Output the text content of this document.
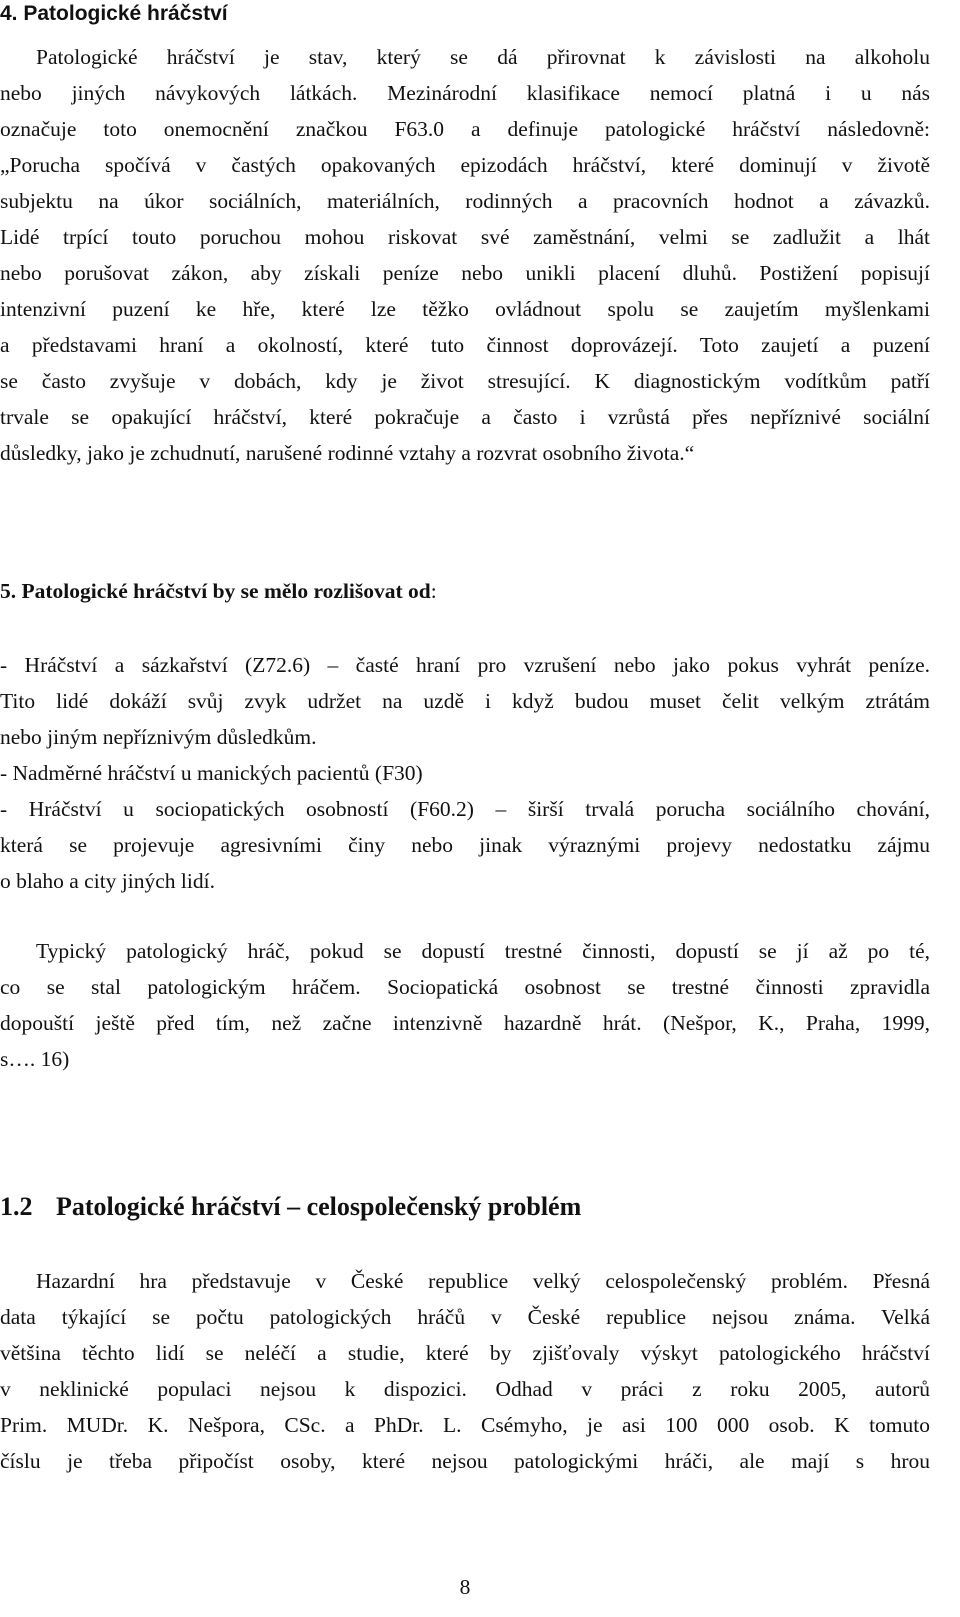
4. Patologické hráčství
Patologické hráčství je stav, který se dá přirovnat k závislosti na alkoholu
nebo jiných návykových látkách. Mezinárodní klasifikace nemocí platná i u nás
označuje toto onemocnění značkou F63.0 a definuje patologické hráčství následovně:
„Porucha spočívá v častých opakovaných epizodách hráčství, které dominují v životě
subjektu na úkor sociálních, materiálních, rodinných a pracovních hodnot a závazků.
Lidé trpící touto poruchou mohou riskovat své zaměstnání, velmi se zadlužit a lhát
nebo porušovat zákon, aby získali peníze nebo unikli placení dluhů. Postižení popisují
intenzivní puzení ke hře, které lze těžko ovládnout spolu se zaujetím myšlenkami
a představami hraní a okolností, které tuto činnost doprovázejí. Toto zaujetí a puzení
se často zvyšuje v dobách, kdy je život stresující. K diagnostickým vodítkům patří
trvale se opakující hráčství, které pokračuje a často i vzrůstá přes nepříznivé sociální
důsledky, jako je zchudnutí, narušené rodinné vztahy a rozvrat osobního života.“
5. Patologické hráčství by se mělo rozlišovat od:
- Hráčství a sázkařství (Z72.6) – časté hraní pro vzrušení nebo jako pokus vyhrát peníze.
Tito lidé dokáží svůj zvyk udržet na uzdě i když budou muset čelit velkým ztrátám
nebo jiným nepříznivým důsledkům.
- Nadměrné hráčství u manických pacientů (F30)
- Hráčství u sociopatických osobností (F60.2) – širší trvalá porucha sociálního chování,
která se projevuje agresivními činy nebo jinak výraznými projevy nedostatku zájmu
o blaho a city jiných lidí.
Typický patologický hráč, pokud se dopustí trestné činnosti, dopustí se jí až po té,
co se stal patologickým hráčem. Sociopatická osobnost se trestné činnosti zpravidla
dopouští ještě před tím, než začne intenzivně hazardně hrát. (Nešpor, K., Praha, 1999,
s…. 16)
1.2 Patologické hráčství – celospolečenský problém
Hazardní hra představuje v České republice velký celospolečenský problém. Přesná
data týkající se počtu patologických hráčů v České republice nejsou známa. Velká
většina těchto lidí se neléčí a studie, které by zjišťovaly výskyt patologického hráčství
v neklinické populaci nejsou k dispozici. Odhad v práci z roku 2005, autorů
Prim. MUDr. K. Nešpora, CSc. a PhDr. L. Csémyho, je asi 100 000 osob. K tomuto
číslu je třeba připočíst osoby, které nejsou patologickými hráči, ale mají s hrou
8
